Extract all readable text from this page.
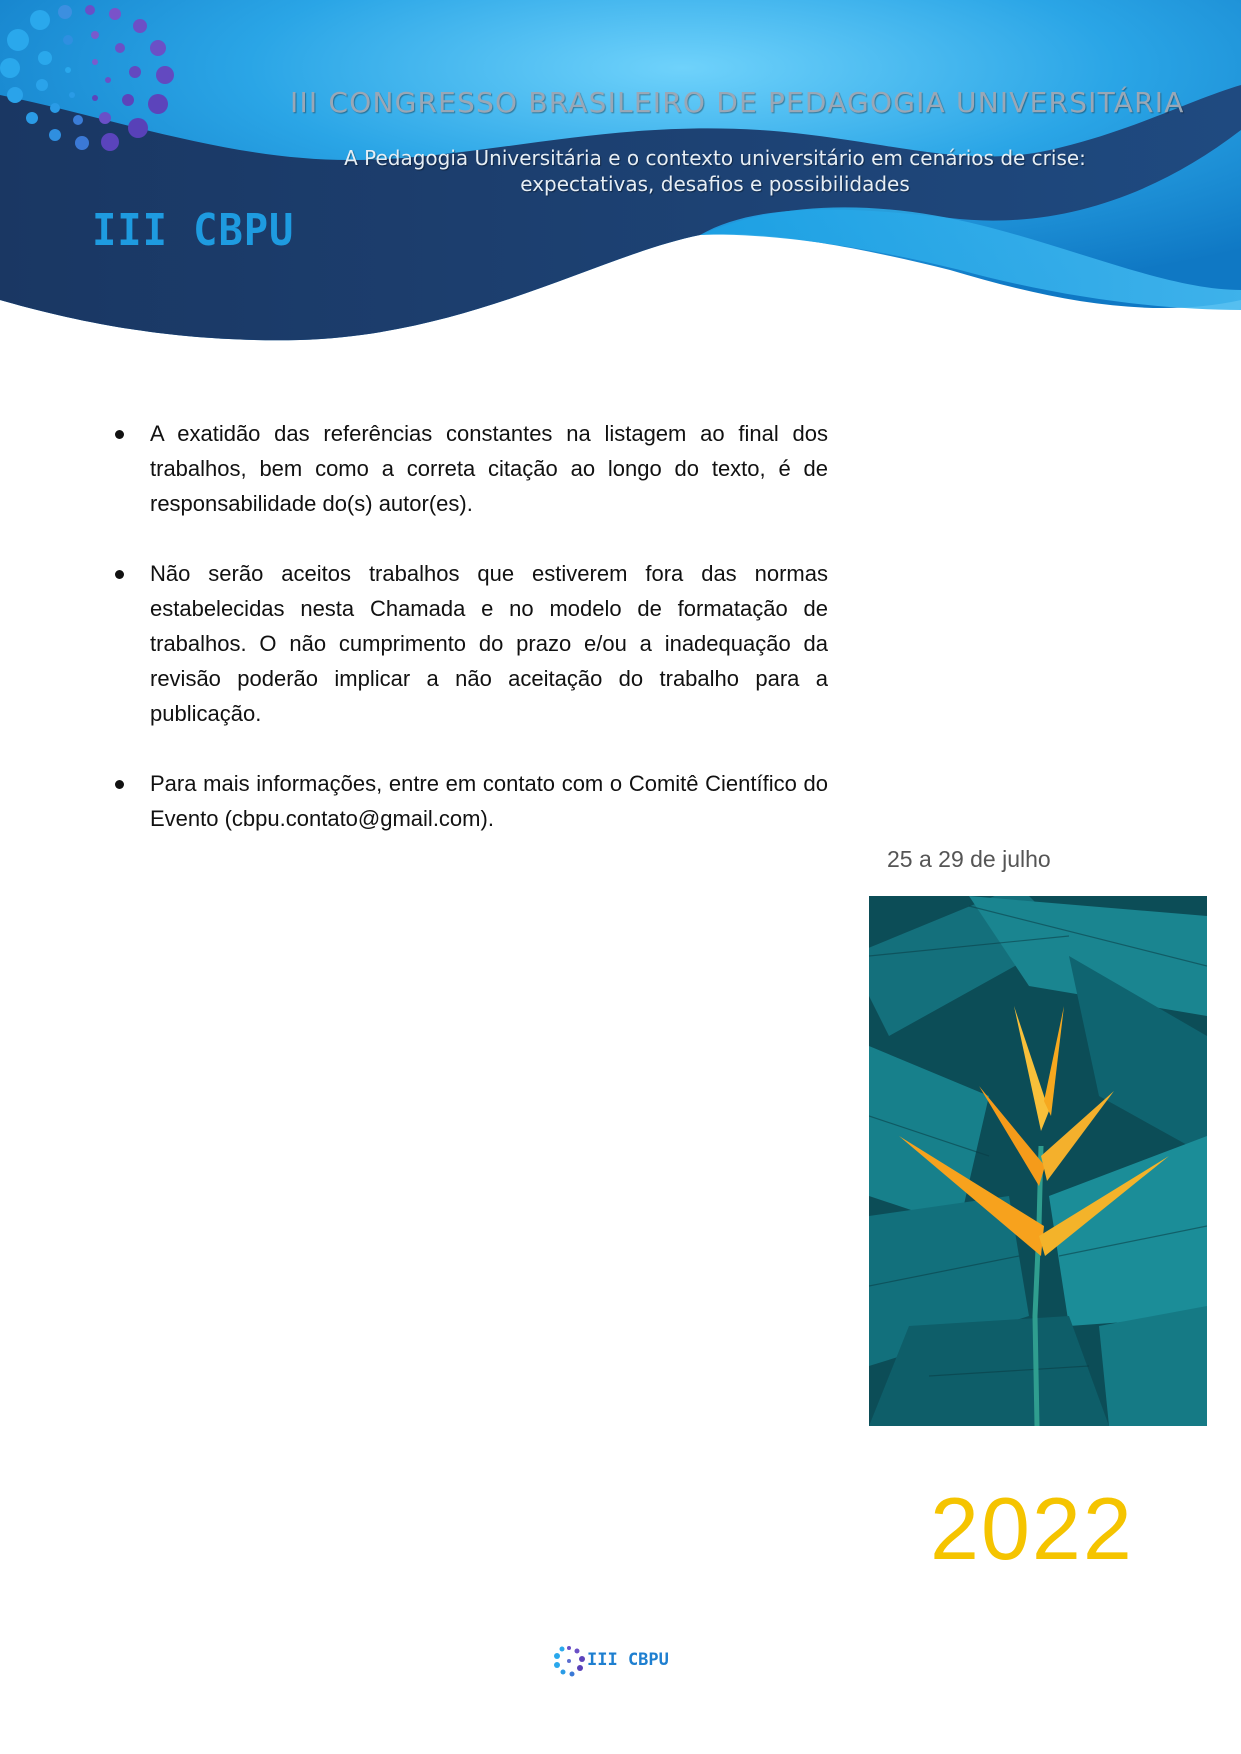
III CBPU
III CONGRESSO BRASILEIRO DE PEDAGOGIA UNIVERSITÁRIA
A Pedagogia Universitária e o contexto universitário em cenários de crise:
expectativas, desafios e possibilidades
A exatidão das referências constantes na listagem ao final dos trabalhos, bem como a correta citação ao longo do texto, é de responsabilidade do(s) autor(es).
Não serão aceitos trabalhos que estiverem fora das normas estabelecidas nesta Chamada e no modelo de formatação de trabalhos. O não cumprimento do prazo e/ou a inadequação da revisão poderão implicar a não aceitação do trabalho para a publicação.
Para mais informações, entre em contato com o Comitê Científico do Evento (cbpu.contato@gmail.com).
25 a 29 de julho
2022
III CBPU
